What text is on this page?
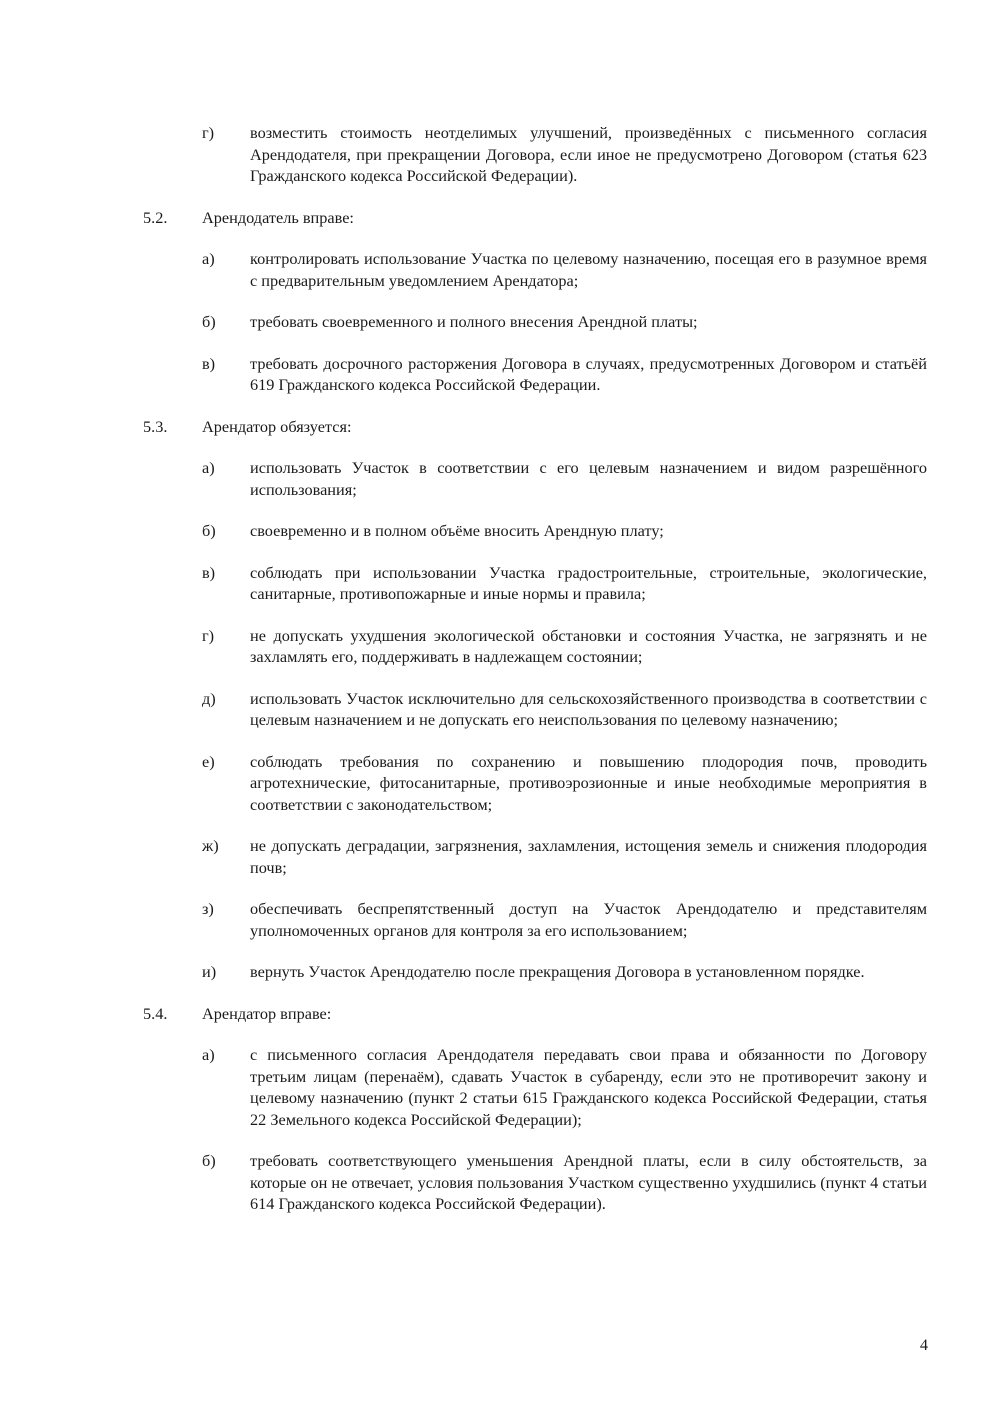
г) возместить стоимость неотделимых улучшений, произведённых с письменного согласия Арендодателя, при прекращении Договора, если иное не предусмотрено Договором (статья 623 Гражданского кодекса Российской Федерации).
5.2. Арендодатель вправе:
а) контролировать использование Участка по целевому назначению, посещая его в разумное время с предварительным уведомлением Арендатора;
б) требовать своевременного и полного внесения Арендной платы;
в) требовать досрочного расторжения Договора в случаях, предусмотренных Договором и статьёй 619 Гражданского кодекса Российской Федерации.
5.3. Арендатор обязуется:
а) использовать Участок в соответствии с его целевым назначением и видом разрешённого использования;
б) своевременно и в полном объёме вносить Арендную плату;
в) соблюдать при использовании Участка градостроительные, строительные, экологические, санитарные, противопожарные и иные нормы и правила;
г) не допускать ухудшения экологической обстановки и состояния Участка, не загрязнять и не захламлять его, поддерживать в надлежащем состоянии;
д) использовать Участок исключительно для сельскохозяйственного производства в соответствии с целевым назначением и не допускать его неиспользования по целевому назначению;
е) соблюдать требования по сохранению и повышению плодородия почв, проводить агротехнические, фитосанитарные, противоэрозионные и иные необходимые мероприятия в соответствии с законодательством;
ж) не допускать деградации, загрязнения, захламления, истощения земель и снижения плодородия почв;
з) обеспечивать беспрепятственный доступ на Участок Арендодателю и представителям уполномоченных органов для контроля за его использованием;
и) вернуть Участок Арендодателю после прекращения Договора в установленном порядке.
5.4. Арендатор вправе:
а) с письменного согласия Арендодателя передавать свои права и обязанности по Договору третьим лицам (перенаём), сдавать Участок в субаренду, если это не противоречит закону и целевому назначению (пункт 2 статьи 615 Гражданского кодекса Российской Федерации, статья 22 Земельного кодекса Российской Федерации);
б) требовать соответствующего уменьшения Арендной платы, если в силу обстоятельств, за которые он не отвечает, условия пользования Участком существенно ухудшились (пункт 4 статьи 614 Гражданского кодекса Российской Федерации).
4
